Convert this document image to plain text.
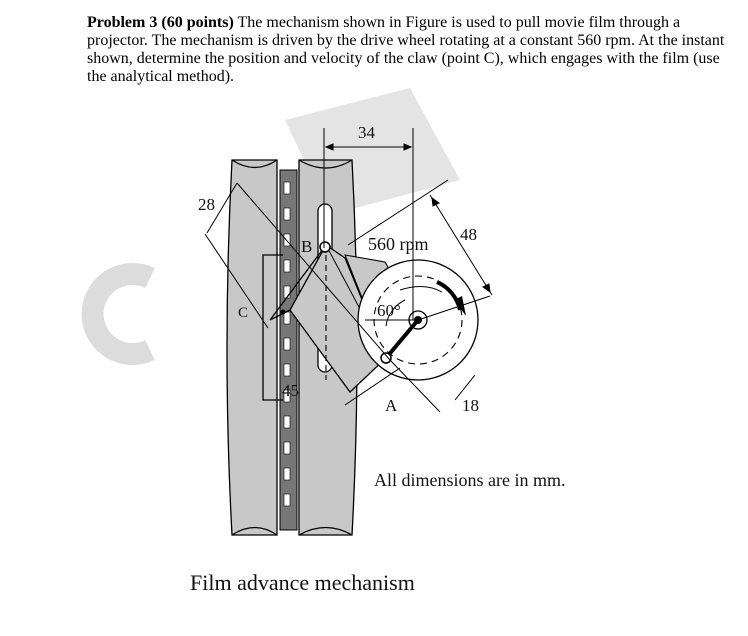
Problem 3 (60 points) The mechanism shown in Figure is used to pull movie film through a projector. The mechanism is driven by the drive wheel rotating at a constant 560 rpm. At the instant shown, determine the position and velocity of the claw (point C), which engages with the film (use the analytical method).
34
28
48
45
18
560 rpm
60°
A
B
C
All dimensions are in mm.
Film advance mechanism
